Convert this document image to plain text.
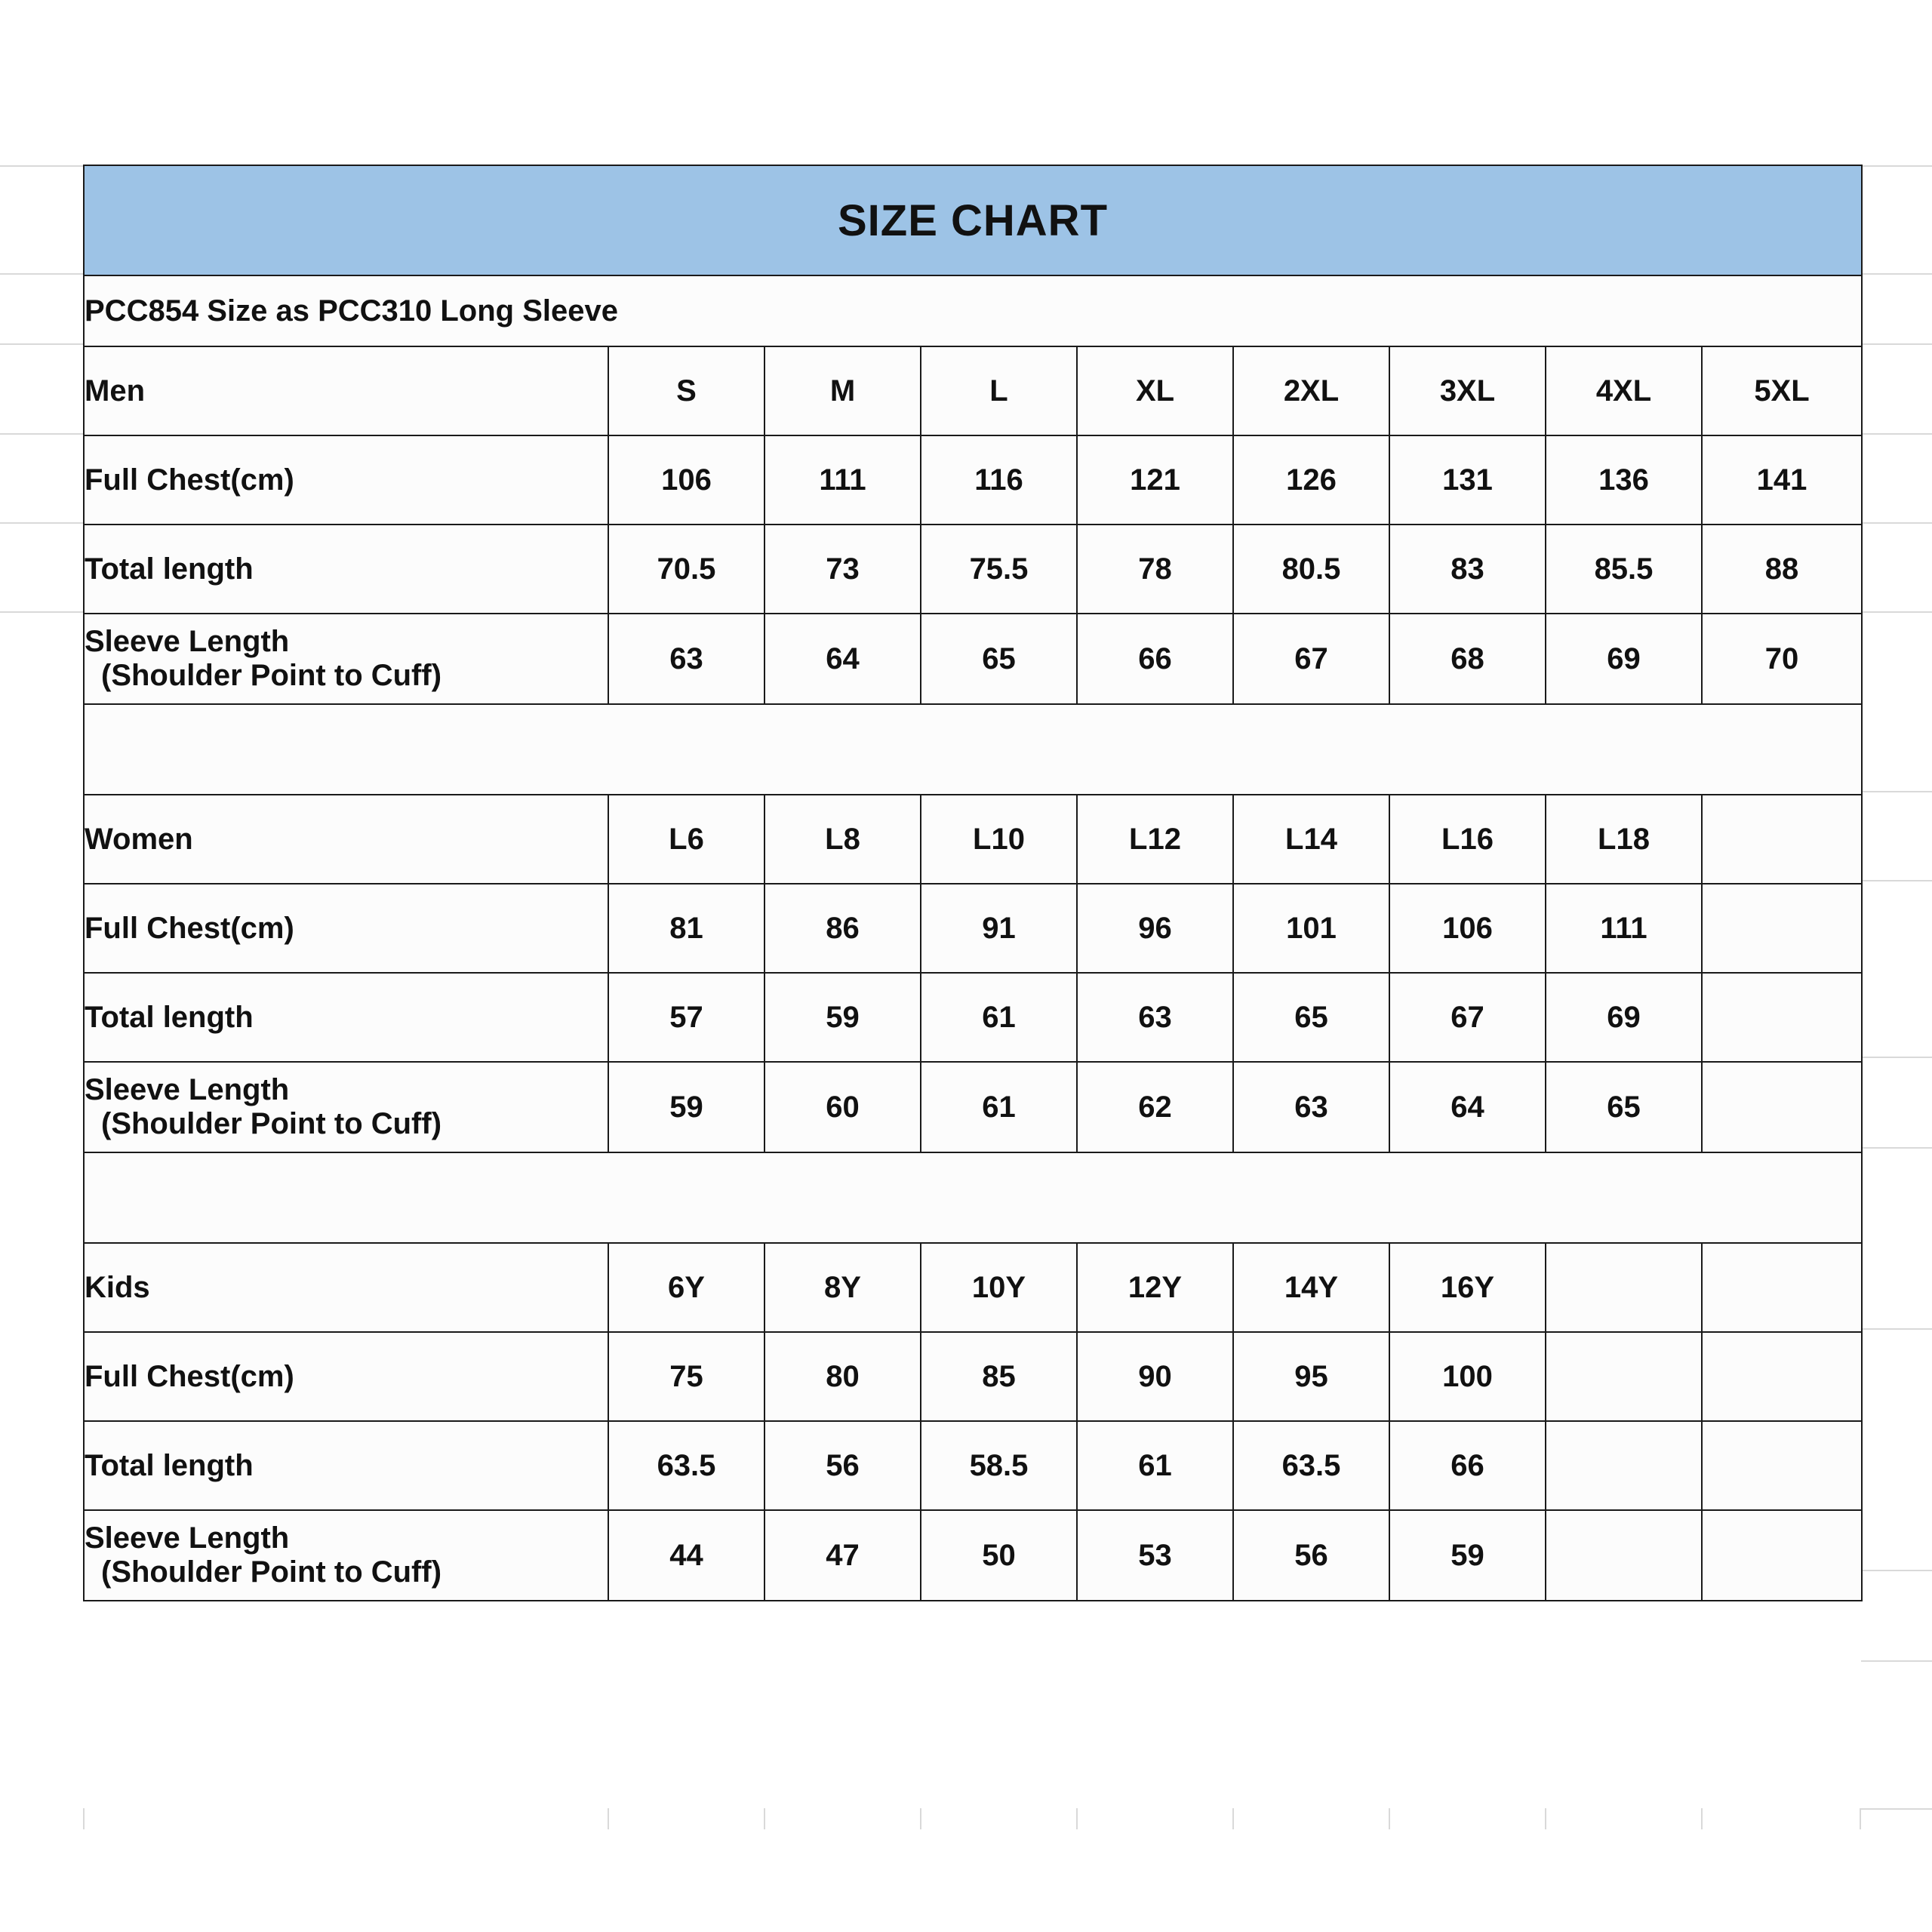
SIZE CHART								
PCC854 Size as PCC310 Long Sleeve								
Men	S	M	L	XL	2XL	3XL	4XL	5XL
Full Chest(cm)	106	111	116	121	126	131	136	141
Total length	70.5	73	75.5	78	80.5	83	85.5	88
Sleeve Length
(Shoulder Point to Cuff)	63	64	65	66	67	68	69	70

Women	L6	L8	L10	L12	L14	L16	L18	
Full Chest(cm)	81	86	91	96	101	106	111	
Total length	57	59	61	63	65	67	69	
Sleeve Length
(Shoulder Point to Cuff)	59	60	61	62	63	64	65	

Kids	6Y	8Y	10Y	12Y	14Y	16Y		
Full Chest(cm)	75	80	85	90	95	100		
Total length	63.5	56	58.5	61	63.5	66		
Sleeve Length
(Shoulder Point to Cuff)	44	47	50	53	56	59		
